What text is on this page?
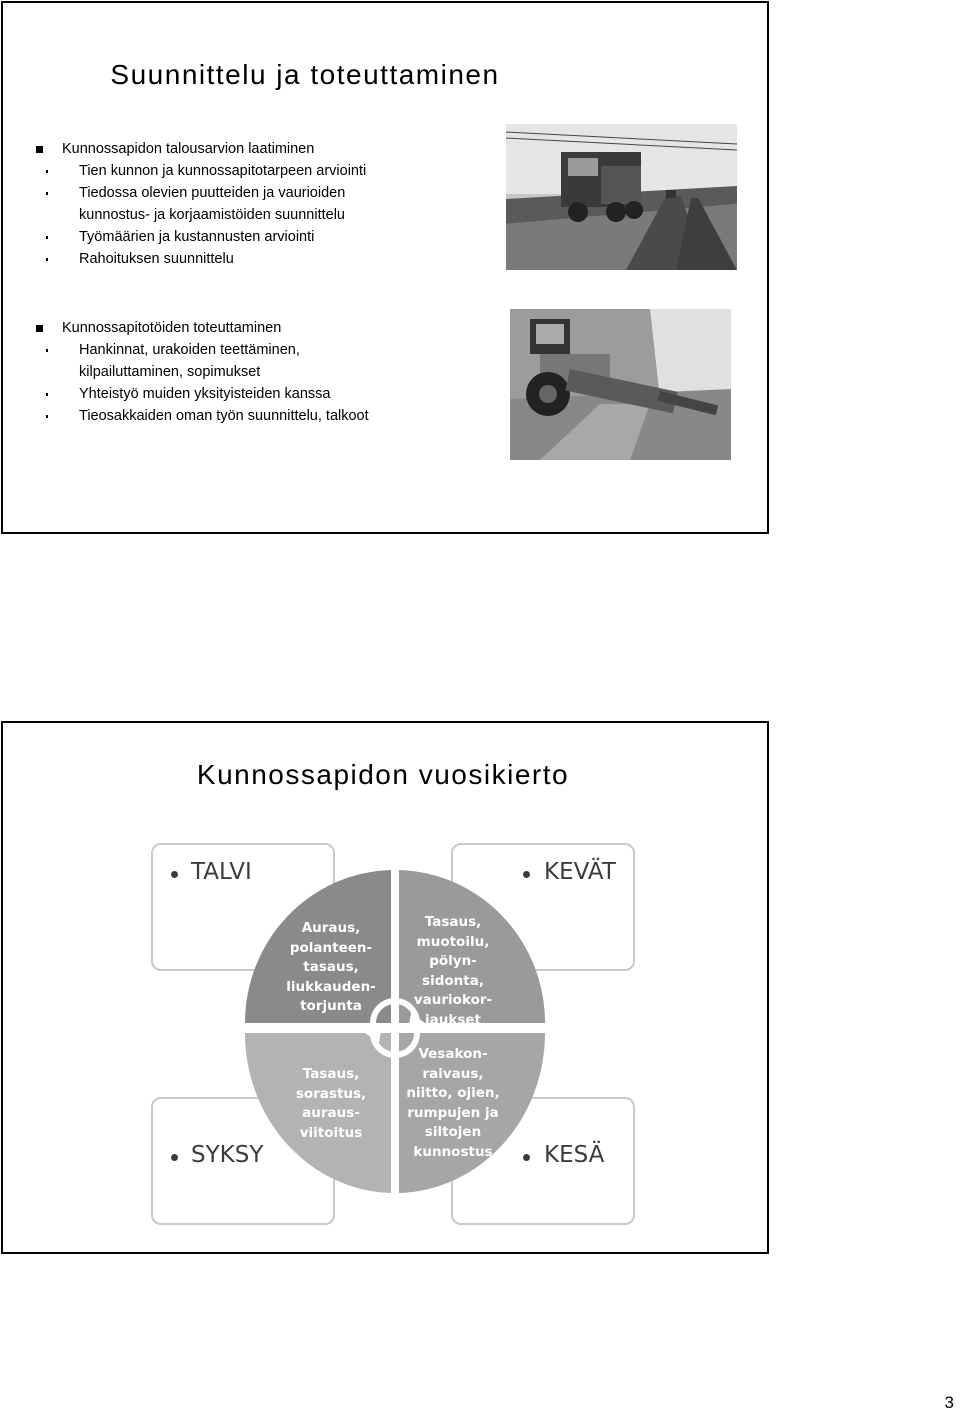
Suunnittelu ja toteuttaminen
Kunnossapidon talousarvion laatiminen
Tien kunnon ja kunnossapitotarpeen arviointi
Tiedossa olevien puutteiden ja vaurioiden
kunnostus- ja korjaamistöiden suunnittelu
Työmäärien ja kustannusten arviointi
Rahoituksen suunnittelu
Kunnossapitotöiden toteuttaminen
Hankinnat, urakoiden teettäminen,
kilpailuttaminen, sopimukset
Yhteistyö muiden yksityisteiden kanssa
Tieosakkaiden oman työn suunnittelu, talkoot
Kunnossapidon vuosikierto
TALVI	KEVÄT
SYKSY	KESÄ
Auraus,
polanteen-
tasaus,
liukkauden-
torjunta
Tasaus,
muotoilu,
pölyn-
sidonta,
vauriokor-
jaukset
Tasaus,
sorastus,
auraus-
viitoitus
Vesakon-
raivaus,
niitto, ojien,
rumpujen ja
siltojen
kunnostus
3
